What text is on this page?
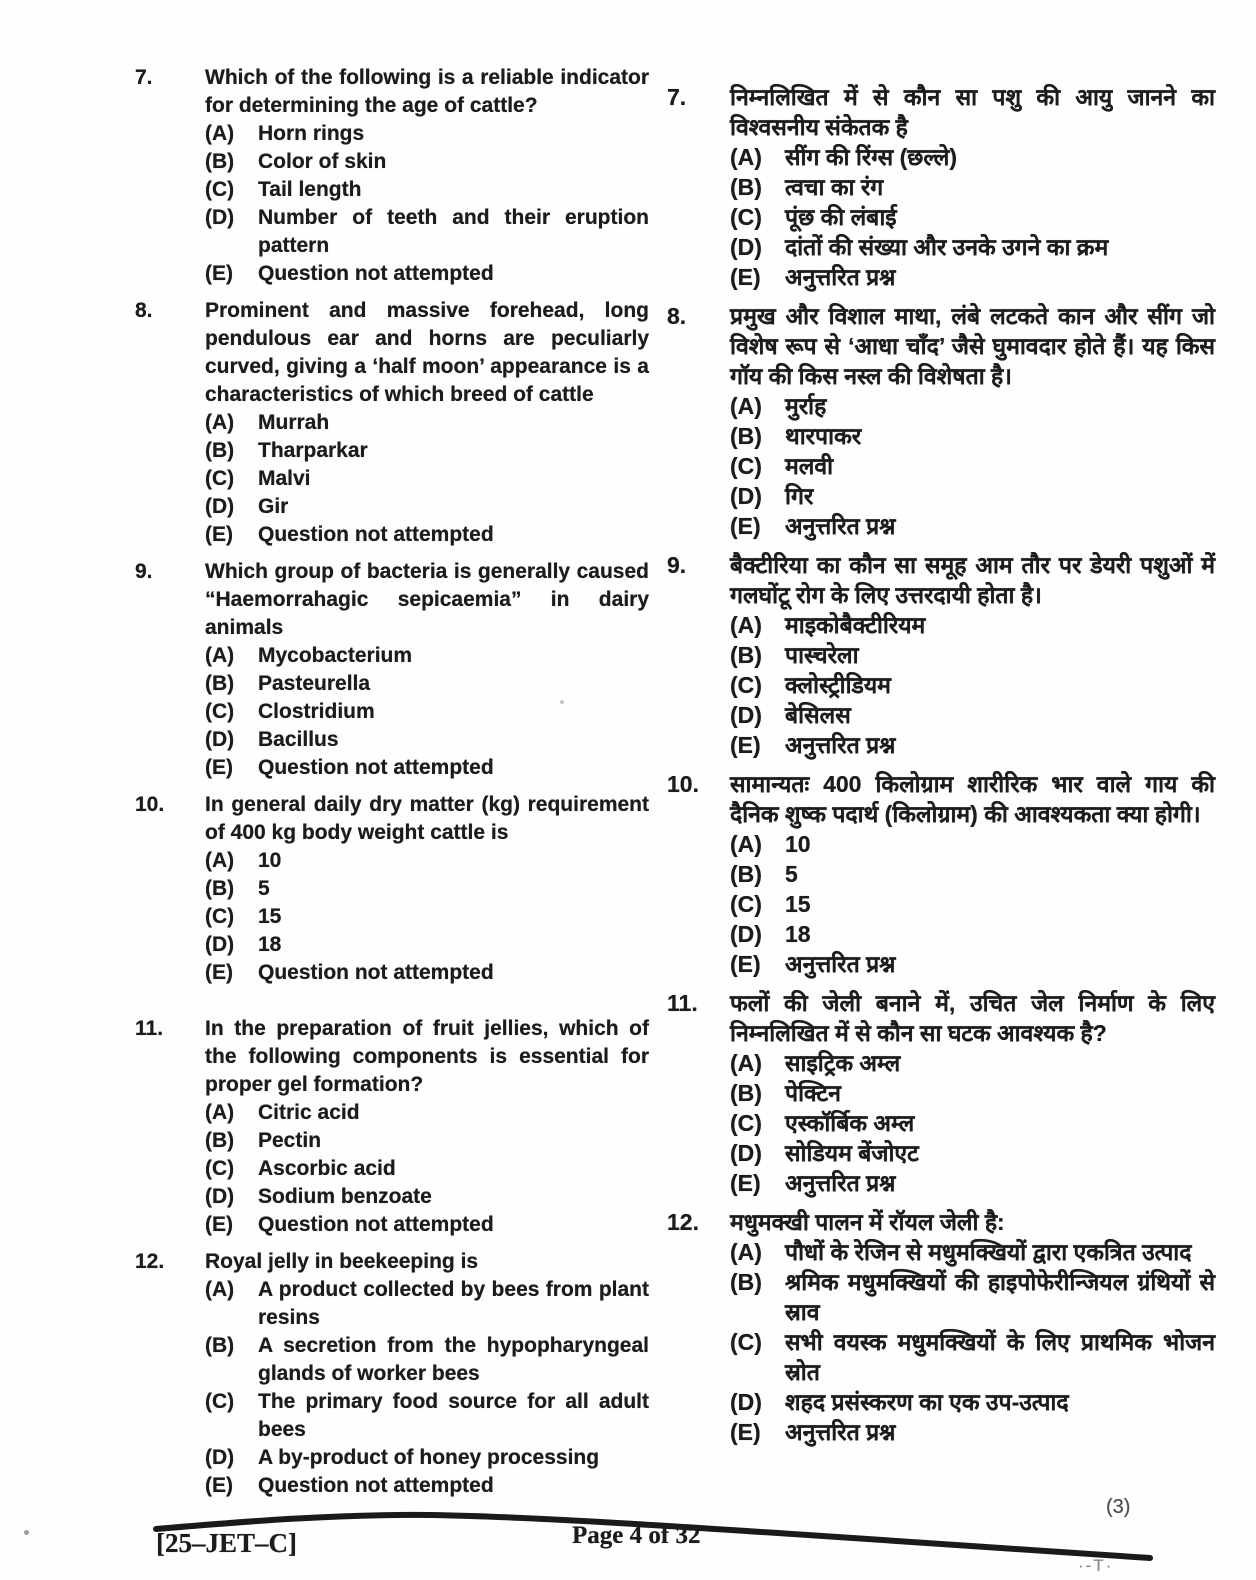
7.	Which of the following is a reliable indicator for determining the age of cattle?
(A)	Horn rings
(B)	Color of skin
(C)	Tail length
(D)	Number of teeth and their eruption pattern
(E)	Question not attempted
8.	Prominent and massive forehead, long pendulous ear and horns are peculiarly curved, giving a ‘half moon’ appearance is a characteristics of which breed of cattle
(A)	Murrah
(B)	Tharparkar
(C)	Malvi
(D)	Gir
(E)	Question not attempted
9.	Which group of bacteria is generally caused “Haemorrahagic sepicaemia” in dairy animals
(A)	Mycobacterium
(B)	Pasteurella
(C)	Clostridium
(D)	Bacillus
(E)	Question not attempted
10.	In general daily dry matter (kg) requirement of 400 kg body weight cattle is
(A)	10
(B)	5
(C)	15
(D)	18
(E)	Question not attempted
11.	In the preparation of fruit jellies, which of the following components is essential for proper gel formation?
(A)	Citric acid
(B)	Pectin
(C)	Ascorbic acid
(D)	Sodium benzoate
(E)	Question not attempted
12.	Royal jelly in beekeeping is
(A)	A product collected by bees from plant resins
(B)	A secretion from the hypopharyngeal glands of worker bees
(C)	The primary food source for all adult bees
(D)	A by-product of honey processing
(E)	Question not attempted
7.	निम्नलिखित में से कौन सा पशु की आयु जानने का विश्वसनीय संकेतक है
(A)	सींग की रिंग्स (छल्ले)
(B)	त्वचा का रंग
(C)	पूंछ की लंबाई
(D)	दांतों की संख्या और उनके उगने का क्रम
(E)	अनुत्तरित प्रश्न
8.	प्रमुख और विशाल माथा, लंबे लटकते कान और सींग जो विशेष रूप से ‘आधा चाँद’ जैसे घुमावदार होते हैं। यह किस गॉय की किस नस्ल की विशेषता है।
(A)	मुर्राह
(B)	थारपाकर
(C)	मलवी
(D)	गिर
(E)	अनुत्तरित प्रश्न
9.	बैक्टीरिया का कौन सा समूह आम तौर पर डेयरी पशुओं में गलघोंटू रोग के लिए उत्तरदायी होता है।
(A)	माइकोबैक्टीरियम
(B)	पास्चरेला
(C)	क्लोस्ट्रीडियम
(D)	बेसिलस
(E)	अनुत्तरित प्रश्न
10.	सामान्यतः 400 किलोग्राम शारीरिक भार वाले गाय की दैनिक शुष्क पदार्थ (किलोग्राम) की आवश्यकता क्या होगी।
(A)	10
(B)	5
(C)	15
(D)	18
(E)	अनुत्तरित प्रश्न
11.	फलों की जेली बनाने में, उचित जेल निर्माण के लिए निम्नलिखित में से कौन सा घटक आवश्यक है?
(A)	साइट्रिक अम्ल
(B)	पेक्टिन
(C)	एस्कॉर्बिक अम्ल
(D)	सोडियम बेंजोएट
(E)	अनुत्तरित प्रश्न
12.	मधुमक्खी पालन में रॉयल जेली है:
(A)	पौधों के रेजिन से मधुमक्खियों द्वारा एकत्रित उत्पाद
(B)	श्रमिक मधुमक्खियों की हाइपोफेरीन्जियल ग्रंथियों से स्राव
(C)	सभी वयस्क मधुमक्खियों के लिए प्राथमिक भोजन स्रोत
(D)	शहद प्रसंस्करण का एक उप-उत्पाद
(E)	अनुत्तरित प्रश्न
[25–JET–C]	Page 4 of 32
(3)
·-T·
